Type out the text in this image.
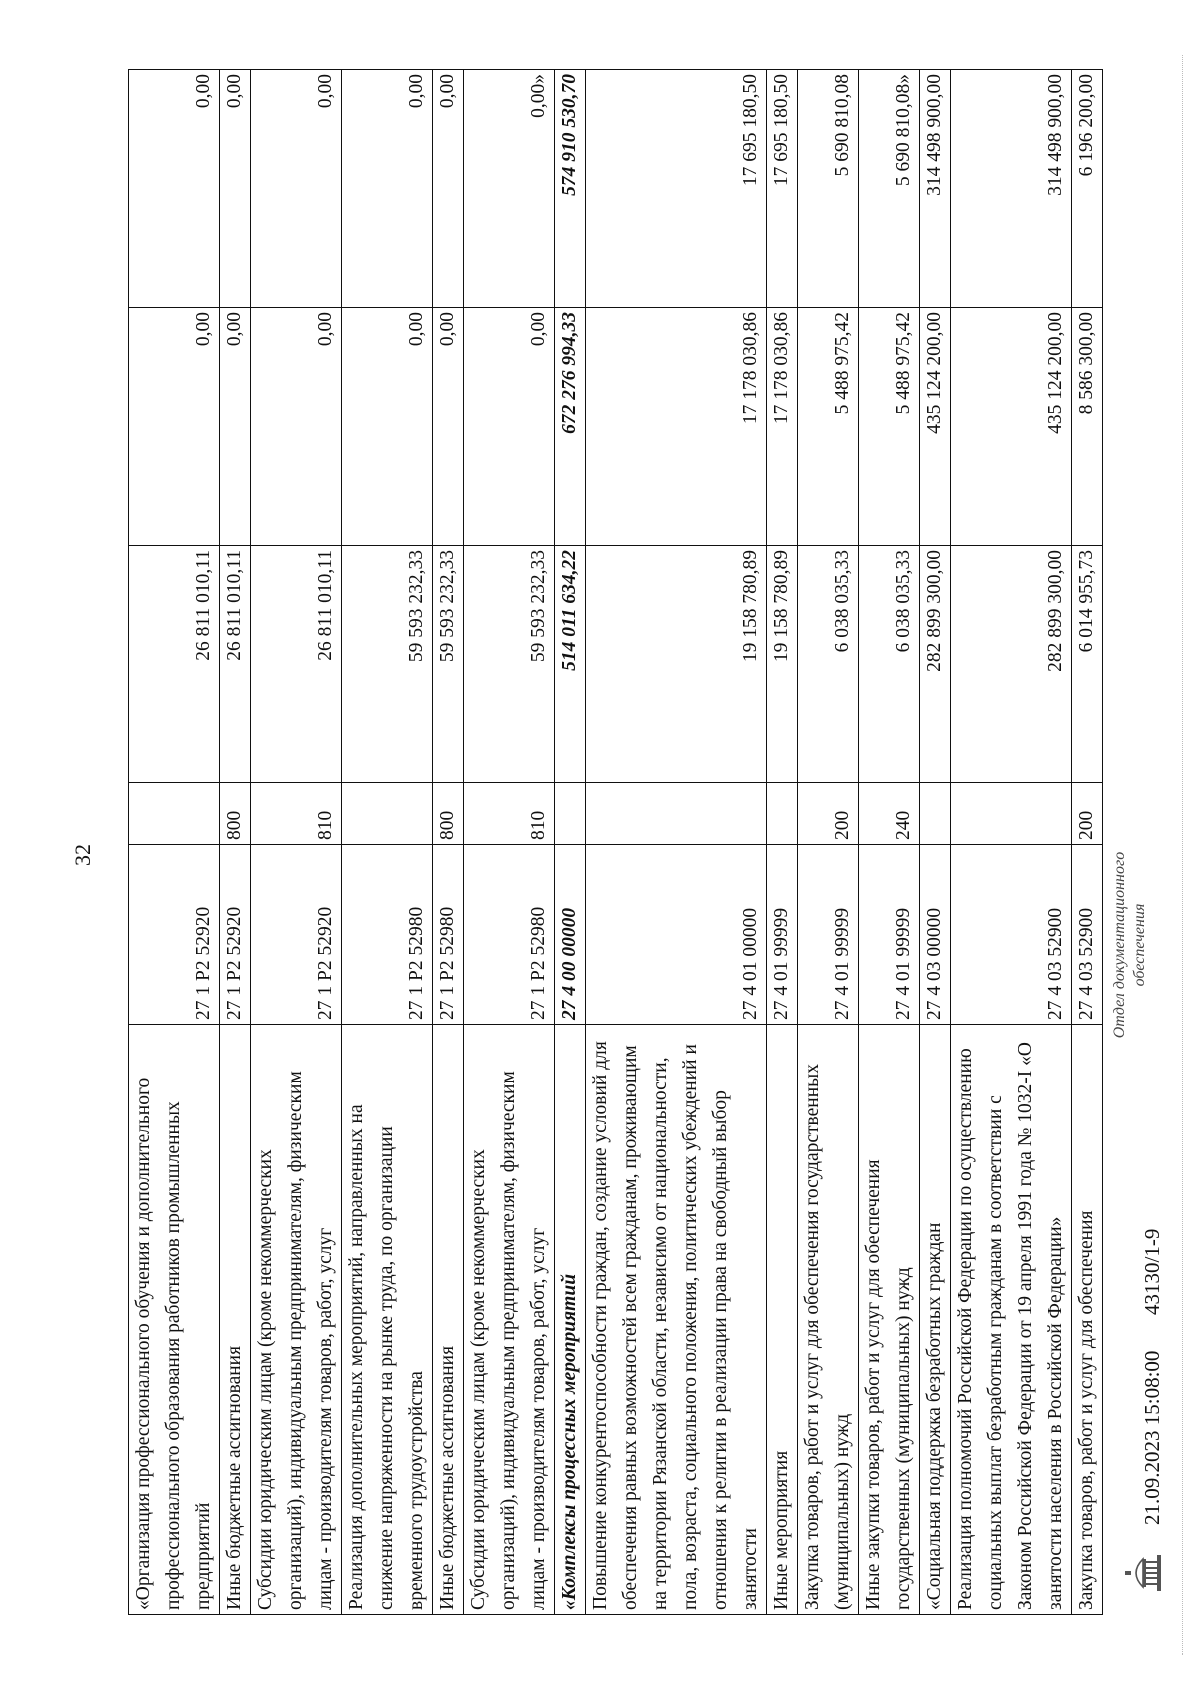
32
«Организация профессионального обучения и дополнительного профессионального образования работников промышленных предприятий	27 1 P2 52920		26 811 010,11	0,00	0,00
Иные бюджетные ассигнования	27 1 P2 52920	800	26 811 010,11	0,00	0,00
Субсидии юридическим лицам (кроме некоммерческих организаций), индивидуальным предпринимателям, физическим лицам - производителям товаров, работ, услуг	27 1 P2 52920	810	26 811 010,11	0,00	0,00
Реализация дополнительных мероприятий, направленных на снижение напряженности на рынке труда, по организации временного трудоустройства	27 1 P2 52980		59 593 232,33	0,00	0,00
Иные бюджетные ассигнования	27 1 P2 52980	800	59 593 232,33	0,00	0,00
Субсидии юридическим лицам (кроме некоммерческих организаций), индивидуальным предпринимателям, физическим лицам - производителям товаров, работ, услуг	27 1 P2 52980	810	59 593 232,33	0,00	0,00»
«Комплексы процессных мероприятий	27 4 00 00000		514 011 634,22	672 276 994,33	574 910 530,70
Повышение конкурентоспособности граждан, создание условий для обеспечения равных возможностей всем гражданам, проживающим на территории Рязанской области, независимо от национальности, пола, возраста, социального положения, политических убеждений и отношения к религии в реализации права на свободный выбор занятости	27 4 01 00000		19 158 780,89	17 178 030,86	17 695 180,50
Иные мероприятия	27 4 01 99999		19 158 780,89	17 178 030,86	17 695 180,50
Закупка товаров, работ и услуг для обеспечения государственных (муниципальных) нужд	27 4 01 99999	200	6 038 035,33	5 488 975,42	5 690 810,08
Иные закупки товаров, работ и услуг для обеспечения государственных (муниципальных) нужд	27 4 01 99999	240	6 038 035,33	5 488 975,42	5 690 810,08»
«Социальная поддержка безработных граждан	27 4 03 00000		282 899 300,00	435 124 200,00	314 498 900,00
Реализация полномочий Российской Федерации по осуществлению социальных выплат безработным гражданам в соответствии с Законом Российской Федерации от 19 апреля 1991 года № 1032-I «О занятости населения в Российской Федерации»	27 4 03 52900		282 899 300,00	435 124 200,00	314 498 900,00
Закупка товаров, работ и услуг для обеспечения	27 4 03 52900	200	6 014 955,73	8 586 300,00	6 196 200,00
21.09.2023 15:08:00
43130/1-9
Отдел документационного обеспечения
